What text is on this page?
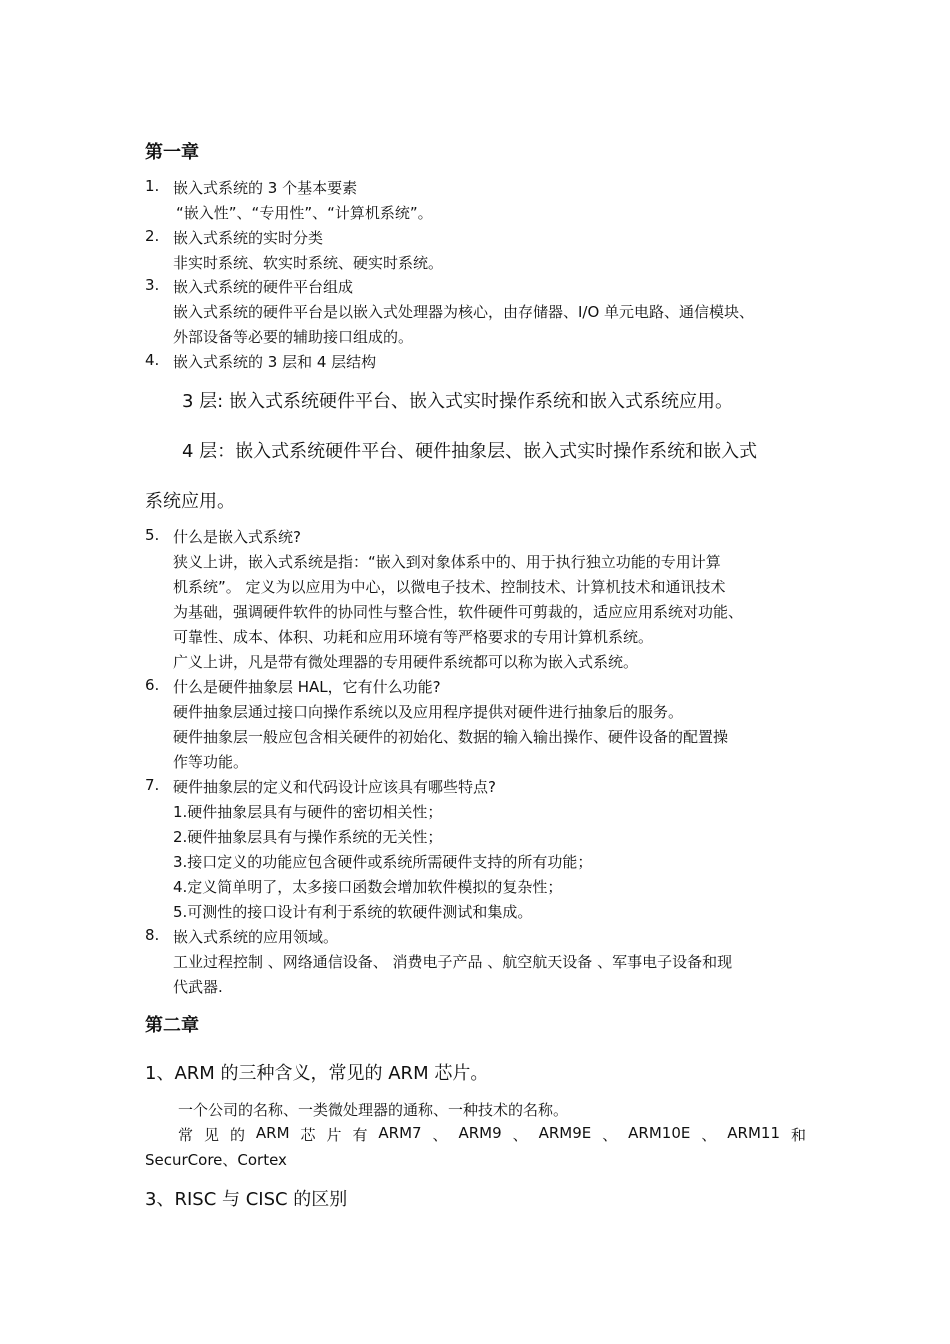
第一章
1. 嵌入式系统的 3 个基本要素
“嵌入性”、“专用性”、“计算机系统”。
2. 嵌入式系统的实时分类
非实时系统、软实时系统、硬实时系统。
3. 嵌入式系统的硬件平台组成
嵌入式系统的硬件平台是以嵌入式处理器为核心，由存储器、I/O 单元电路、通信模块、
外部设备等必要的辅助接口组成的。
4. 嵌入式系统的 3 层和 4 层结构
3 层: 嵌入式系统硬件平台、嵌入式实时操作系统和嵌入式系统应用。
4 层：嵌入式系统硬件平台、硬件抽象层、嵌入式实时操作系统和嵌入式
系统应用。
5. 什么是嵌入式系统?
狭义上讲，嵌入式系统是指：“嵌入到对象体系中的、用于执行独立功能的专用计算
机系统”。 定义为以应用为中心，以微电子技术、控制技术、计算机技术和通讯技术
为基础，强调硬件软件的协同性与整合性，软件硬件可剪裁的，适应应用系统对功能、
可靠性、成本、体积、功耗和应用环境有等严格要求的专用计算机系统。
广义上讲，凡是带有微处理器的专用硬件系统都可以称为嵌入式系统。
6. 什么是硬件抽象层 HAL，它有什么功能?
硬件抽象层通过接口向操作系统以及应用程序提供对硬件进行抽象后的服务。
硬件抽象层一般应包含相关硬件的初始化、数据的输入输出操作、硬件设备的配置操
作等功能。
7. 硬件抽象层的定义和代码设计应该具有哪些特点?
1.硬件抽象层具有与硬件的密切相关性；
2.硬件抽象层具有与操作系统的无关性；
3.接口定义的功能应包含硬件或系统所需硬件支持的所有功能；
4.定义简单明了，太多接口函数会增加软件模拟的复杂性；
5.可测性的接口设计有利于系统的软硬件测试和集成。
8. 嵌入式系统的应用领域。
工业过程控制 、网络通信设备、 消费电子产品 、航空航天设备 、军事电子设备和现
代武器.
第二章
1、ARM 的三种含义，常见的 ARM 芯片。
一个公司的名称、一类微处理器的通称、一种技术的名称。
常 见 的 ARM 芯 片 有 ARM7 、 ARM9 、 ARM9E 、 ARM10E 、 ARM11 和
SecurCore、Cortex
3、RISC 与 CISC 的区别
